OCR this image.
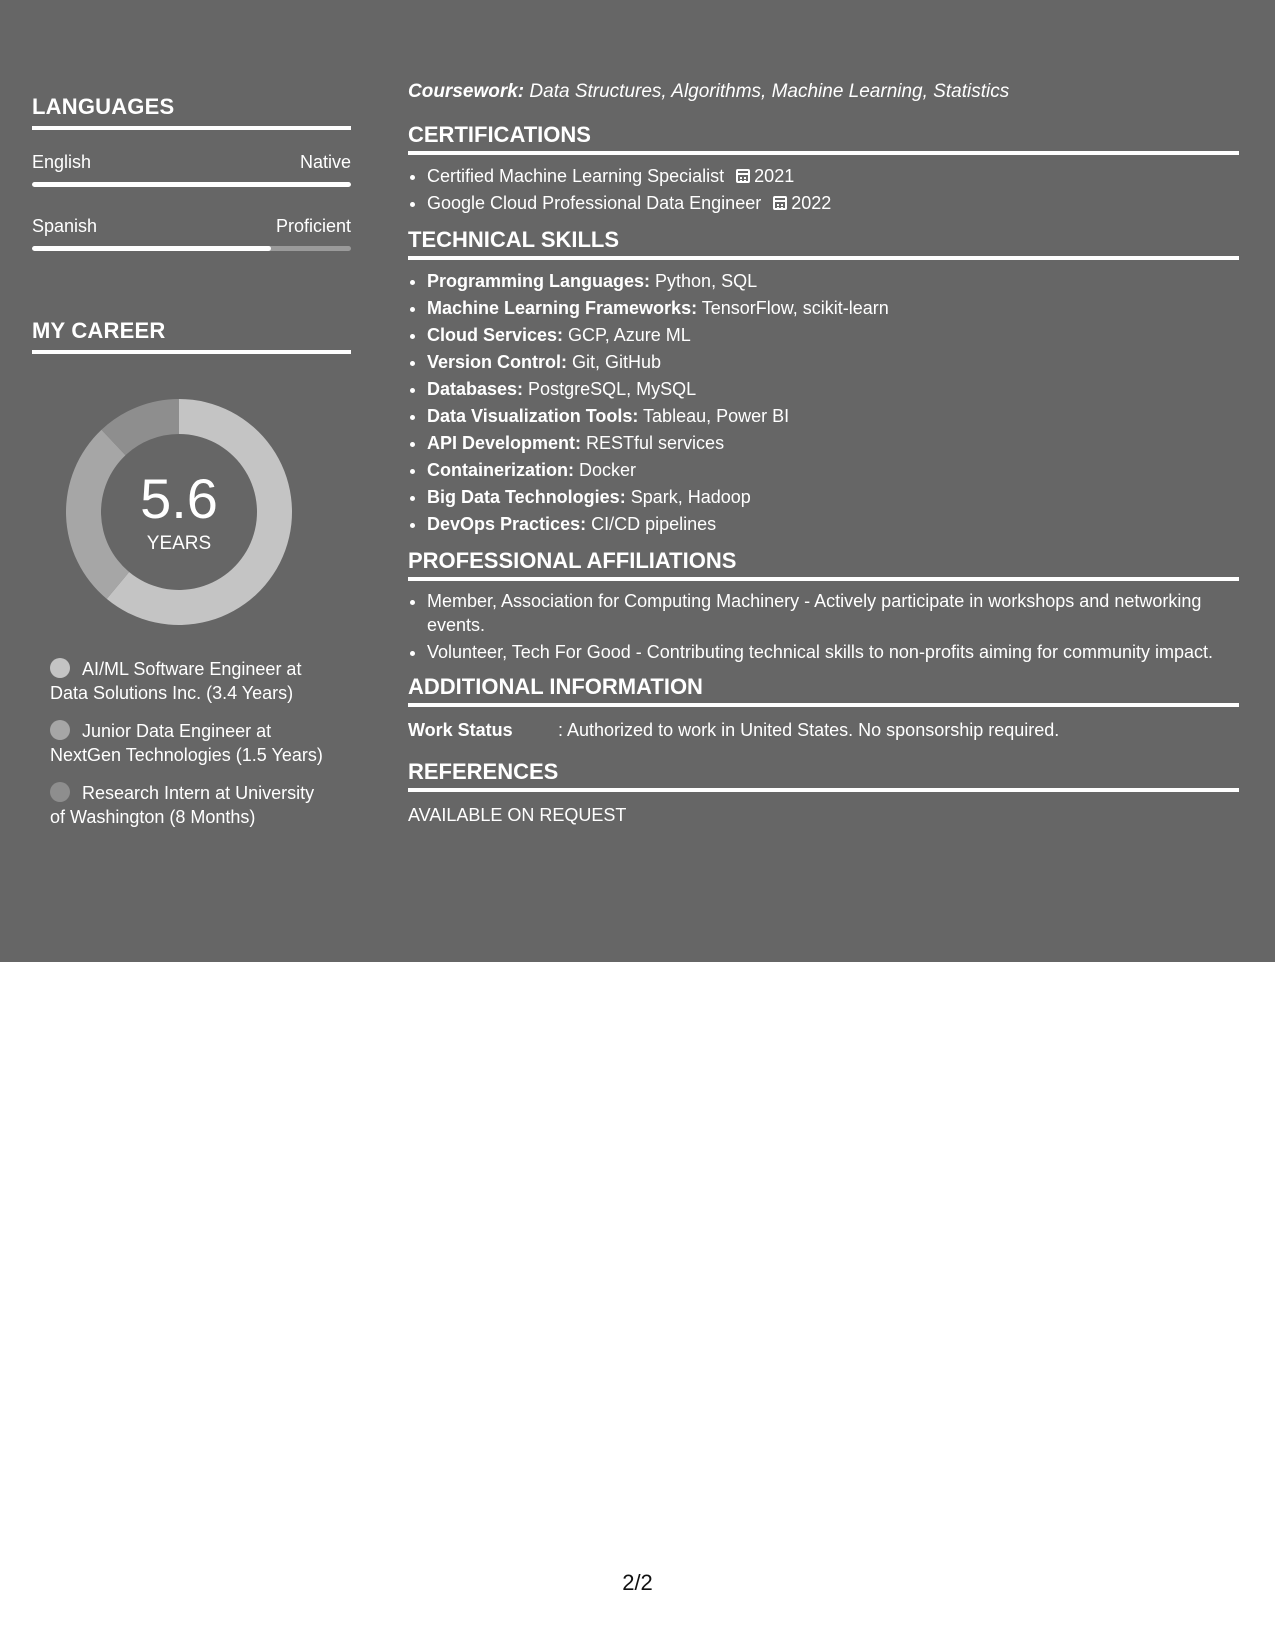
LANGUAGES
English	Native
Spanish	Proficient
MY CAREER
5.6
YEARS
AI/ML Software Engineer at Data Solutions Inc. (3.4 Years)
Junior Data Engineer at NextGen Technologies (1.5 Years)
Research Intern at University of Washington (8 Months)

Coursework: Data Structures, Algorithms, Machine Learning, Statistics

CERTIFICATIONS
• Certified Machine Learning Specialist 2021
• Google Cloud Professional Data Engineer 2022
TECHNICAL SKILLS
• Programming Languages: Python, SQL
• Machine Learning Frameworks: TensorFlow, scikit-learn
• Cloud Services: GCP, Azure ML
• Version Control: Git, GitHub
• Databases: PostgreSQL, MySQL
• Data Visualization Tools: Tableau, Power BI
• API Development: RESTful services
• Containerization: Docker
• Big Data Technologies: Spark, Hadoop
• DevOps Practices: CI/CD pipelines
PROFESSIONAL AFFILIATIONS
• Member, Association for Computing Machinery - Actively participate in workshops and networking events.
• Volunteer, Tech For Good - Contributing technical skills to non-profits aiming for community impact.
ADDITIONAL INFORMATION
Work Status	: Authorized to work in United States. No sponsorship required.
REFERENCES
AVAILABLE ON REQUEST
2/2
